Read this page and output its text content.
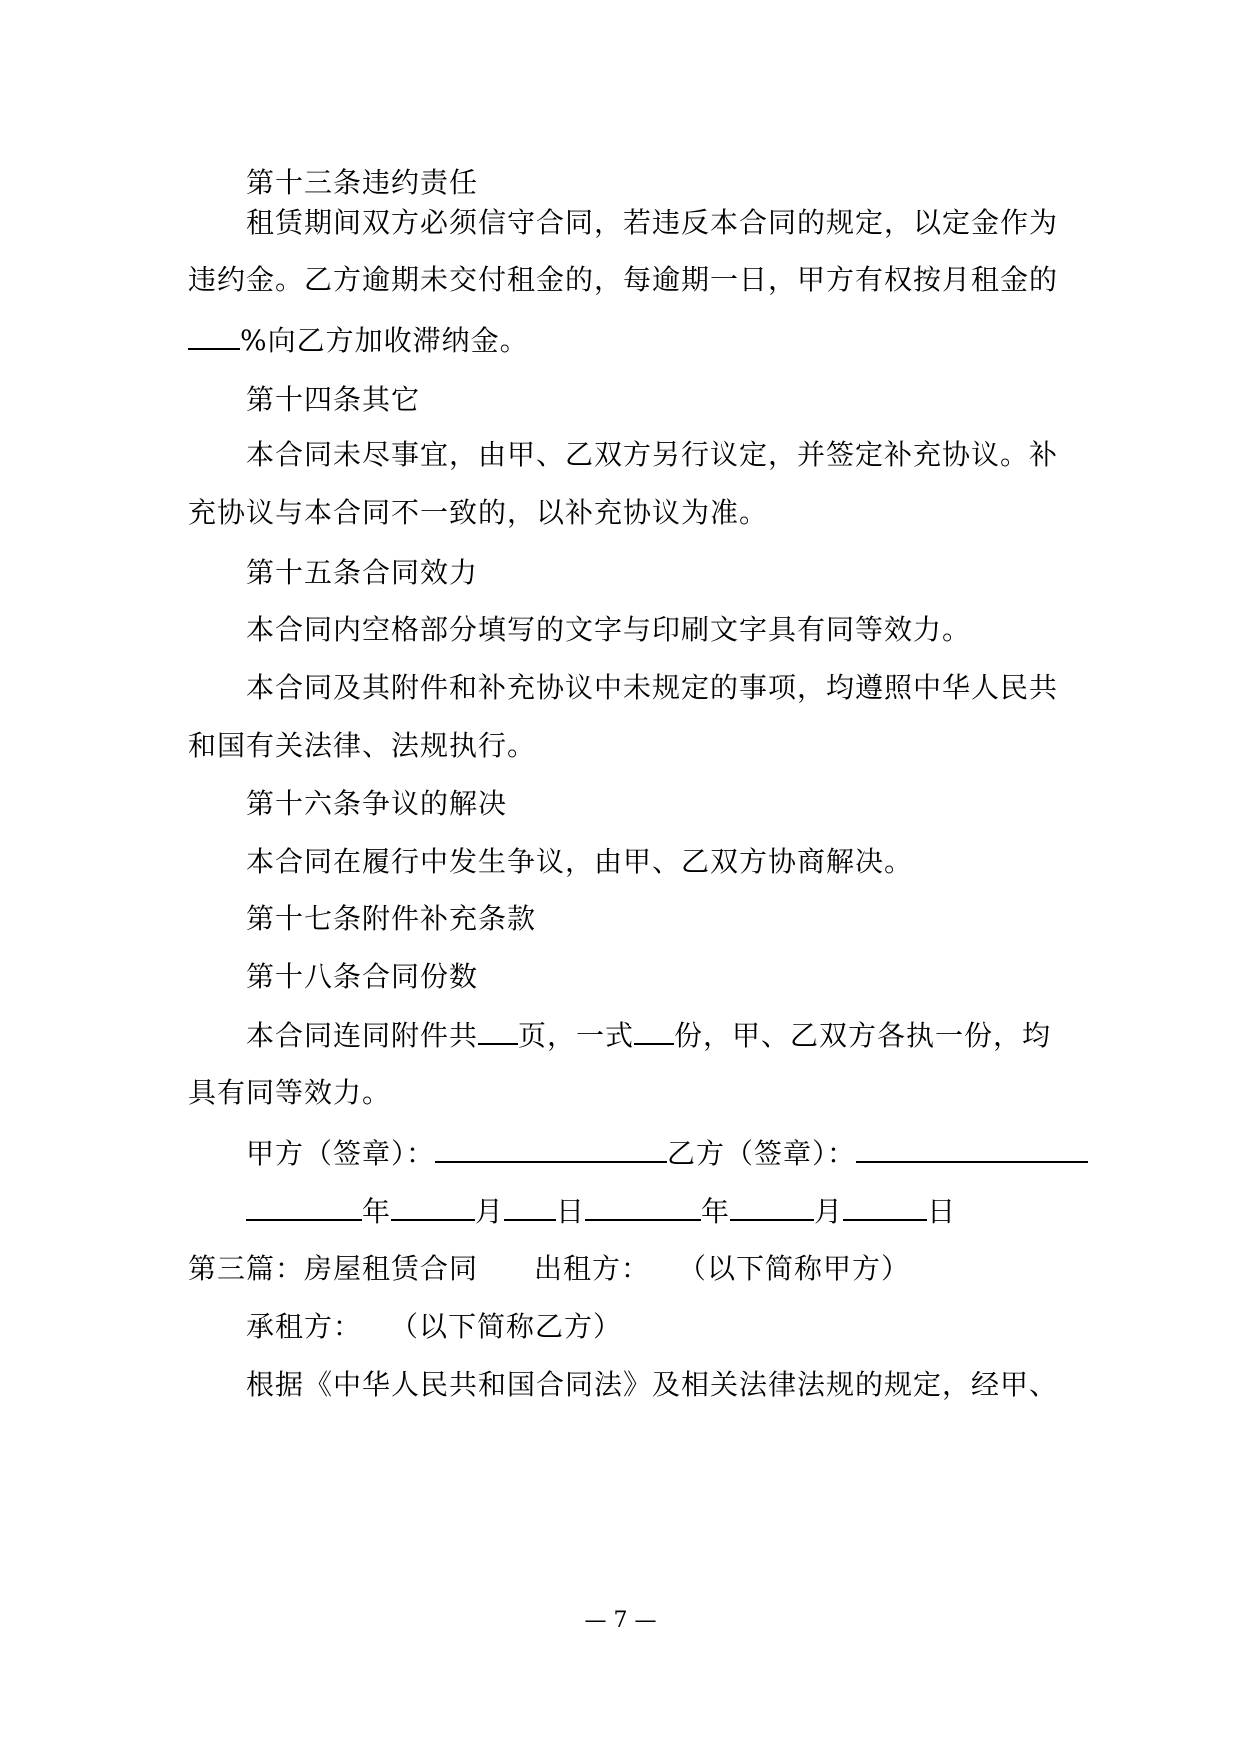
第十三条违约责任
租赁期间双方必须信守合同，若违反本合同的规定，以定金作为
违约金。乙方逾期未交付租金的，每逾期一日，甲方有权按月租金的
%向乙方加收滞纳金。
第十四条其它
本合同未尽事宜，由甲、乙双方另行议定，并签定补充协议。补
充协议与本合同不一致的，以补充协议为准。
第十五条合同效力
本合同内空格部分填写的文字与印刷文字具有同等效力。
本合同及其附件和补充协议中未规定的事项，均遵照中华人民共
和国有关法律、法规执行。
第十六条争议的解决
本合同在履行中发生争议，由甲、乙双方协商解决。
第十七条附件补充条款
第十八条合同份数
本合同连同附件共 页，一式 份，甲、乙双方各执一份，均
具有同等效力。
甲方（签章）：	乙方（签章）：
年	月 日	年	月	日
第三篇：房屋租赁合同 出租方： （以下简称甲方）
承租方： （以下简称乙方）
根据《中华人民共和国合同法》及相关法律法规的规定，经甲、
— 7 —
